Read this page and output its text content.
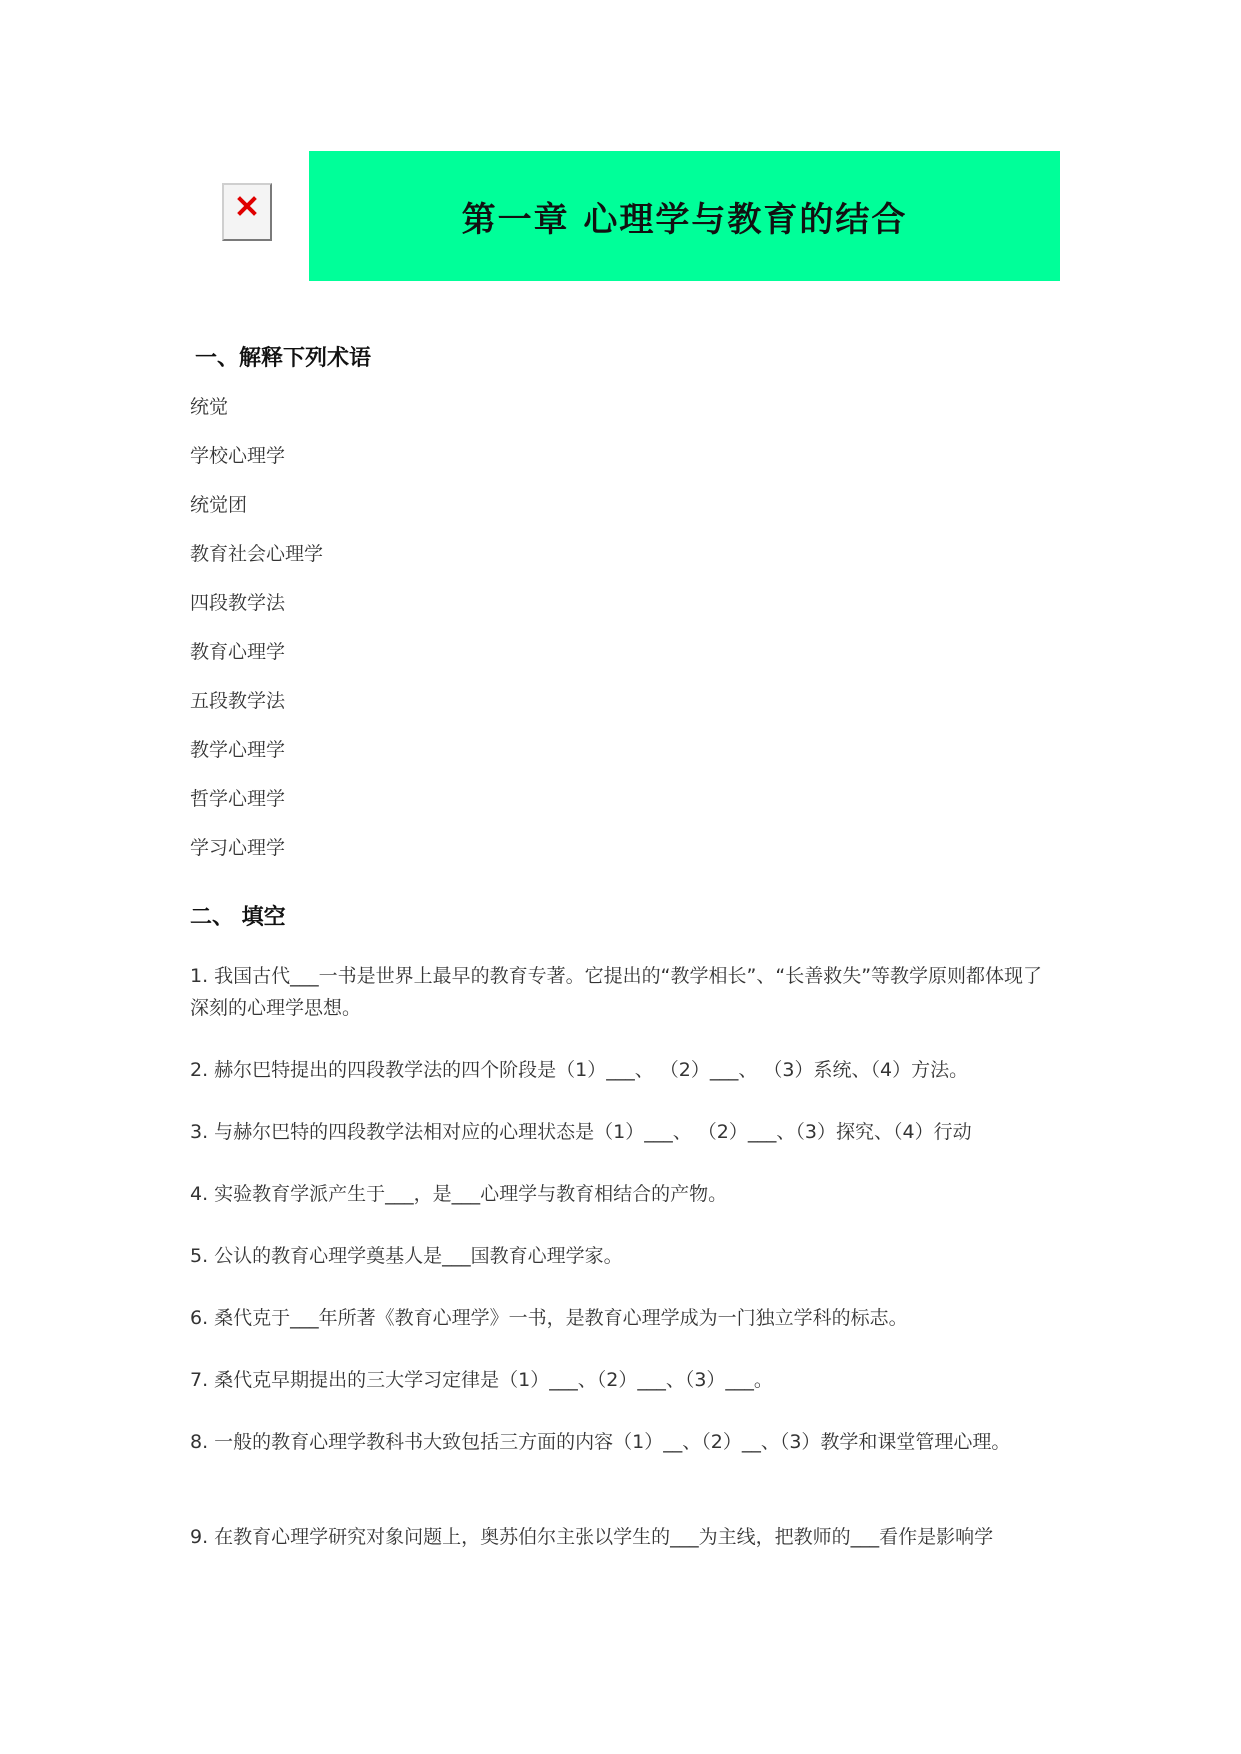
第一章 心理学与教育的结合

一、解释下列术语

统觉

学校心理学

统觉团

教育社会心理学

四段教学法

教育心理学

五段教学法

教学心理学

哲学心理学

学习心理学

二、 填空

1. 我国古代___一书是世界上最早的教育专著。它提出的“教学相长”、“长善救失”等教学原则都体现了深刻的心理学思想。

2. 赫尔巴特提出的四段教学法的四个阶段是（1）___、 （2）___、 （3）系统、（4）方法。

3. 与赫尔巴特的四段教学法相对应的心理状态是（1）___、 （2）___、（3）探究、（4）行动

4. 实验教育学派产生于___，是___心理学与教育相结合的产物。

5. 公认的教育心理学奠基人是___国教育心理学家。

6. 桑代克于___年所著《教育心理学》一书，是教育心理学成为一门独立学科的标志。

7. 桑代克早期提出的三大学习定律是（1）___、（2）___、（3）___。

8. 一般的教育心理学教科书大致包括三方面的内容（1）__、（2）__、（3）教学和课堂管理心理。

9. 在教育心理学研究对象问题上，奥苏伯尔主张以学生的___为主线，把教师的___看作是影响学
